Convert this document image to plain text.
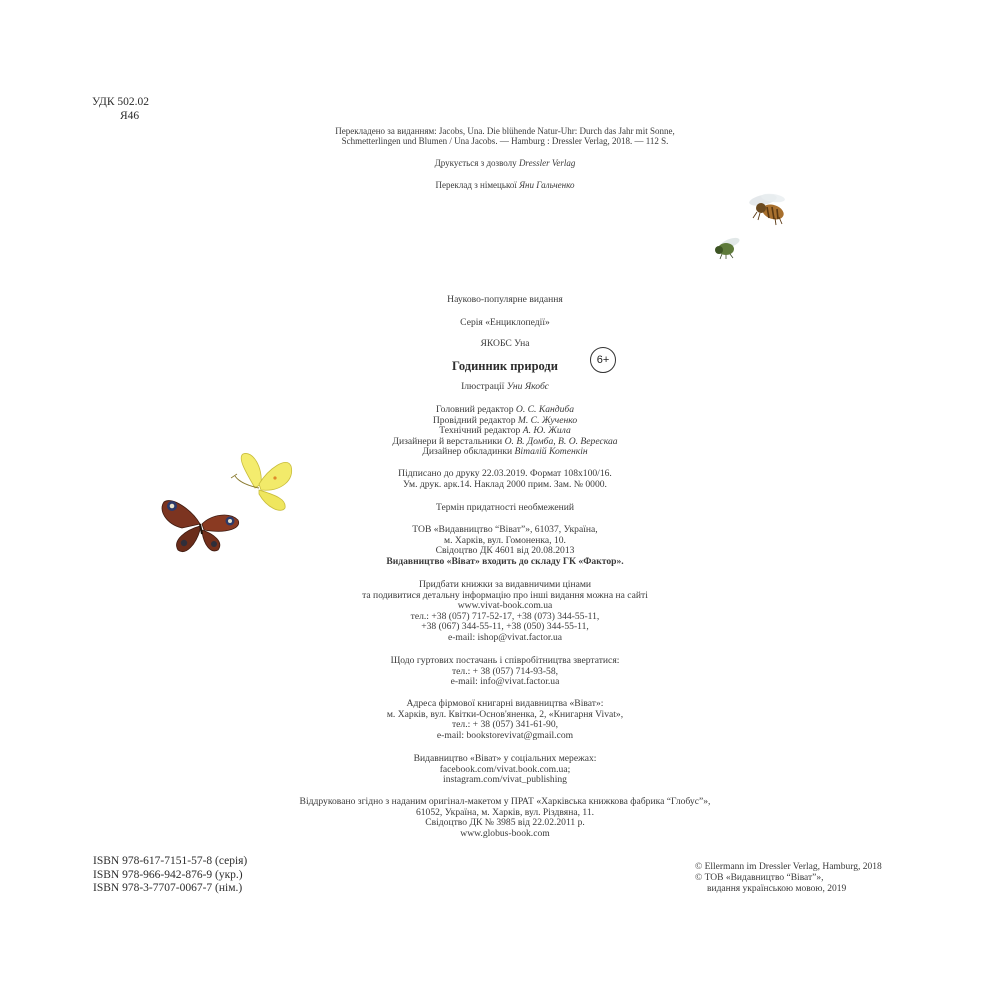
УДК 502.02
Я46
Перекладено за виданням: Jacobs, Una. Die blühende Natur-Uhr: Durch das Jahr mit Sonne,
Schmetterlingen und Blumen / Una Jacobs. — Hamburg : Dressler Verlag, 2018. — 112 S.
Друкується з дозволу Dressler Verlag
Переклад з німецької Яни Гальченко
Науково-популярне видання
Серія «Енциклопедії»
ЯКОБС Уна
Годинник природи	6+
Ілюстрації Уни Якобс
Головний редактор О. С. Кандиба
Провідний редактор М. С. Жученко
Технічний редактор А. Ю. Жила
Дизайнери й верстальники О. В. Домба, В. О. Верескаа
Дизайнер обкладинки Віталій Котенкін
Підписано до друку 22.03.2019. Формат 108х100/16.
Ум. друк. арк.14. Наклад 2000 прим. Зам. № 0000.
Термін придатності необмежений
ТОВ «Видавництво “Віват”», 61037, Україна,
м. Харків, вул. Гомоненка, 10.
Свідоцтво ДК 4601 від 20.08.2013
Видавництво «Віват» входить до складу ГК «Фактор».
Придбати книжки за видавничими цінами
та подивитися детальну інформацію про інші видання можна на сайті
www.vivat-book.com.ua
тел.: +38 (057) 717-52-17, +38 (073) 344-55-11,
+38 (067) 344-55-11, +38 (050) 344-55-11,
e-mail: ishop@vivat.factor.ua
Щодо гуртових постачань і співробітництва звертатися:
тел.: + 38 (057) 714-93-58,
e-mail: info@vivat.factor.ua
Адреса фірмової книгарні видавництва «Віват»:
м. Харків, вул. Квітки-Основ'яненка, 2, «Книгарня Vivat»,
тел.: + 38 (057) 341-61-90,
e-mail: bookstorevivat@gmail.com
Видавництво «Віват» у соціальних мережах:
facebook.com/vivat.book.com.ua;
instagram.com/vivat_publishing
Віддруковано згідно з наданим оригінал-макетом у ПРАТ «Харківська книжкова фабрика “Глобус”»,
61052, Україна, м. Харків, вул. Різдвяна, 11.
Свідоцтво ДК № 3985 від 22.02.2011 р.
www.globus-book.com
ISBN 978-617-7151-57-8 (серія)
ISBN 978-966-942-876-9 (укр.)
ISBN 978-3-7707-0067-7 (нім.)
© Ellermann im Dressler Verlag, Hamburg, 2018
© ТОВ «Видавництво “Віват”»,
видання українською мовою, 2019
